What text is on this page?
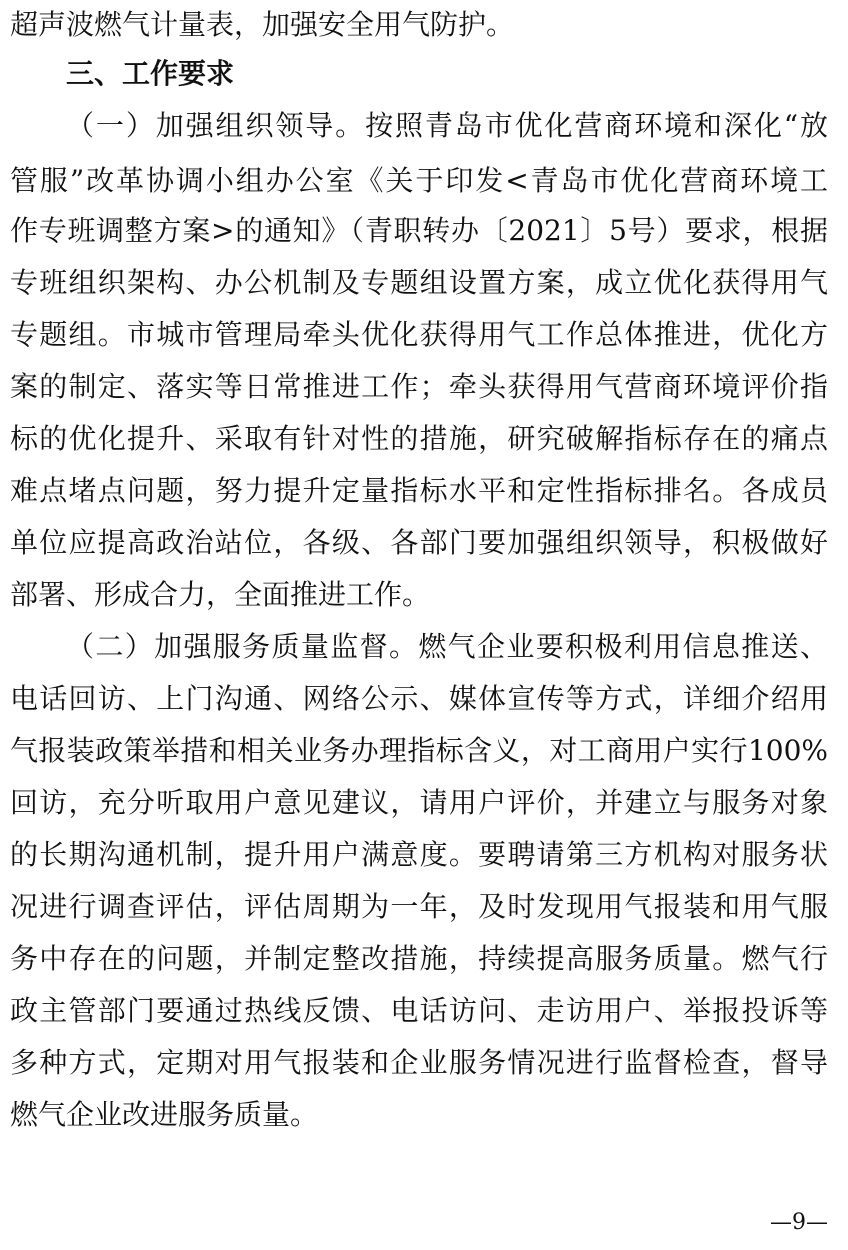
超声波燃气计量表，加强安全用气防护。
三、工作要求
（一）加强组织领导。按照青岛市优化营商环境和深化“放
管服”改革协调小组办公室《关于印发<青岛市优化营商环境工
作专班调整方案>的通知》（青职转办〔2021〕5号）要求，根据
专班组织架构、办公机制及专题组设置方案，成立优化获得用气
专题组。市城市管理局牵头优化获得用气工作总体推进，优化方
案的制定、落实等日常推进工作；牵头获得用气营商环境评价指
标的优化提升、采取有针对性的措施，研究破解指标存在的痛点
难点堵点问题，努力提升定量指标水平和定性指标排名。各成员
单位应提高政治站位，各级、各部门要加强组织领导，积极做好
部署、形成合力，全面推进工作。
（二）加强服务质量监督。燃气企业要积极利用信息推送、
电话回访、上门沟通、网络公示、媒体宣传等方式，详细介绍用
气报装政策举措和相关业务办理指标含义，对工商用户实行100%
回访，充分听取用户意见建议，请用户评价，并建立与服务对象
的长期沟通机制，提升用户满意度。要聘请第三方机构对服务状
况进行调查评估，评估周期为一年，及时发现用气报装和用气服
务中存在的问题，并制定整改措施，持续提高服务质量。燃气行
政主管部门要通过热线反馈、电话访问、走访用户、举报投诉等
多种方式，定期对用气报装和企业服务情况进行监督检查，督导
燃气企业改进服务质量。
—9—
